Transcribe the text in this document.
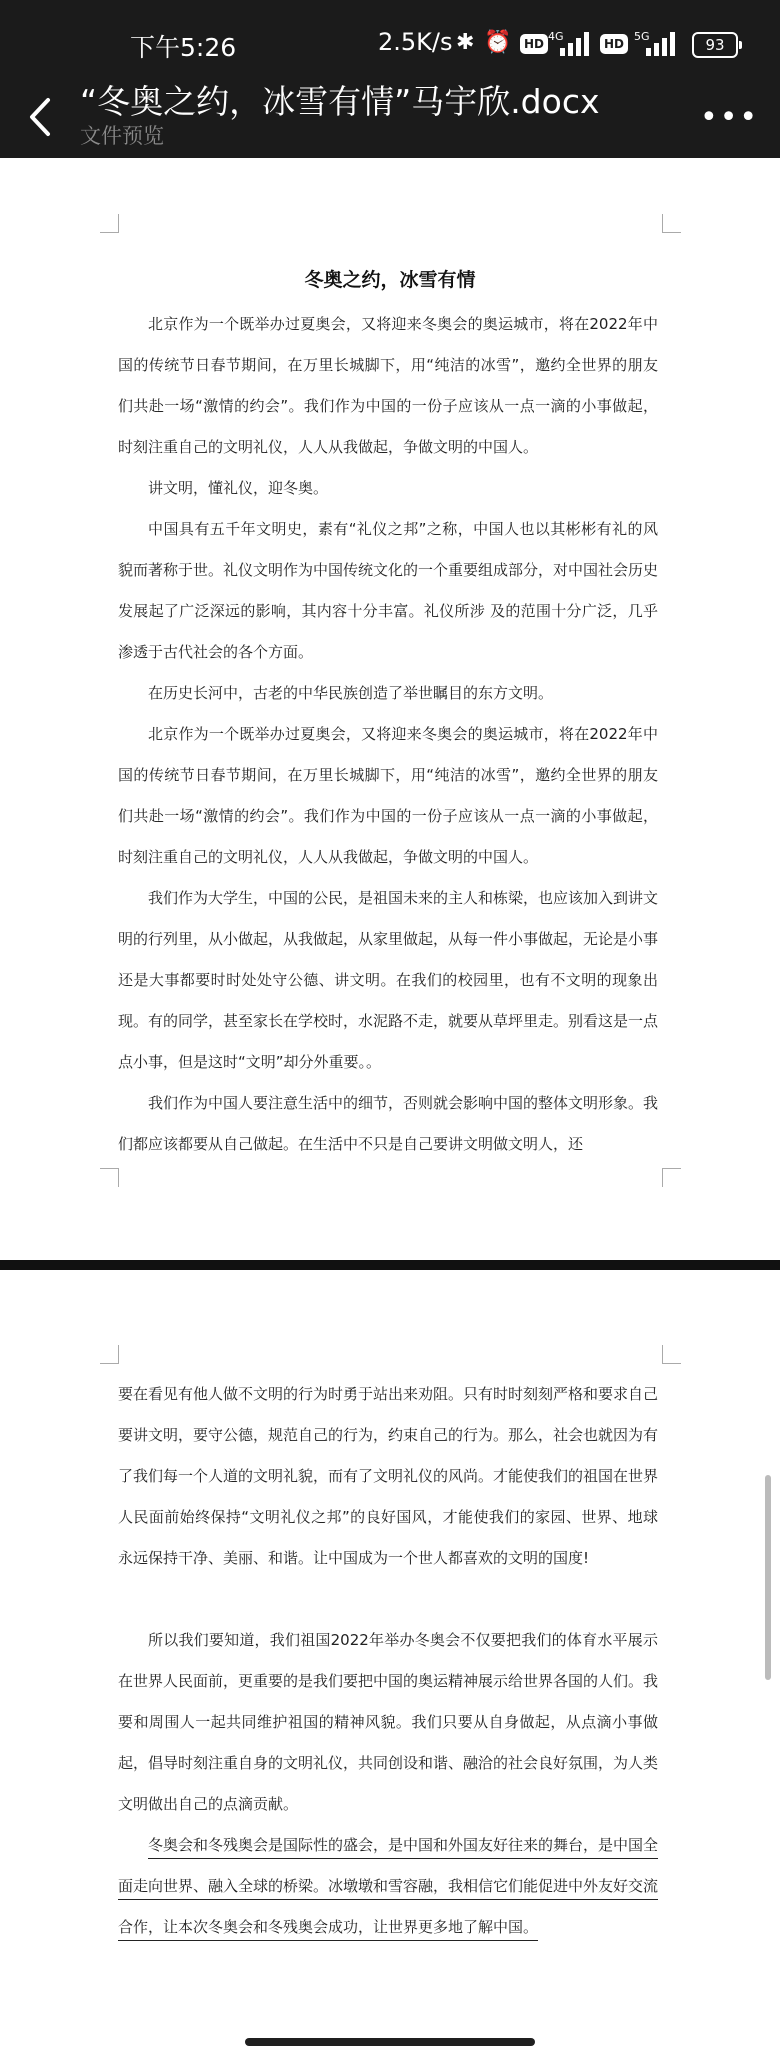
下午5:26	2.5K/s ✱ ⏰	HD
4G
HD
5G	93
“冬奥之约，冰雪有情”马宇欣.docx
文件预览
•••
冬奥之约，冰雪有情

北京作为一个既举办过夏奥会，又将迎来冬奥会的奥运城市，将在2022年中国的传统节日春节期间，在万里长城脚下，用“纯洁的冰雪”，邀约全世界的朋友们共赴一场“激情的约会”。我们作为中国的一份子应该从一点一滴的小事做起，时刻注重自己的文明礼仪，人人从我做起，争做文明的中国人。

讲文明，懂礼仪，迎冬奥。

中国具有五千年文明史，素有“礼仪之邦”之称，中国人也以其彬彬有礼的风貌而著称于世。礼仪文明作为中国传统文化的一个重要组成部分，对中国社会历史发展起了广泛深远的影响，其内容十分丰富。礼仪所涉 及的范围十分广泛，几乎渗透于古代社会的各个方面。

在历史长河中，古老的中华民族创造了举世瞩目的东方文明。

北京作为一个既举办过夏奥会，又将迎来冬奥会的奥运城市，将在2022年中国的传统节日春节期间，在万里长城脚下，用“纯洁的冰雪”，邀约全世界的朋友们共赴一场“激情的约会”。我们作为中国的一份子应该从一点一滴的小事做起，时刻注重自己的文明礼仪，人人从我做起，争做文明的中国人。

我们作为大学生，中国的公民，是祖国未来的主人和栋梁，也应该加入到讲文明的行列里，从小做起，从我做起，从家里做起，从每一件小事做起，无论是小事还是大事都要时时处处守公德、讲文明。在我们的校园里，也有不文明的现象出现。有的同学，甚至家长在学校时，水泥路不走，就要从草坪里走。别看这是一点点小事，但是这时“文明”却分外重要。。

我们作为中国人要注意生活中的细节，否则就会影响中国的整体文明形象。我们都应该都要从自己做起。在生活中不只是自己要讲文明做文明人，还

要在看见有他人做不文明的行为时勇于站出来劝阻。只有时时刻刻严格和要求自己要讲文明，要守公德，规范自己的行为，约束自己的行为。那么，社会也就因为有了我们每一个人道的文明礼貌，而有了文明礼仪的风尚。才能使我们的祖国在世界人民面前始终保持“文明礼仪之邦”的良好国风，才能使我们的家园、世界、地球永远保持干净、美丽、和谐。让中国成为一个世人都喜欢的文明的国度!

所以我们要知道，我们祖国2022年举办冬奥会不仅要把我们的体育水平展示在世界人民面前，更重要的是我们要把中国的奥运精神展示给世界各国的人们。我要和周围人一起共同维护祖国的精神风貌。我们只要从自身做起，从点滴小事做起，倡导时刻注重自身的文明礼仪，共同创设和谐、融洽的社会良好氛围，为人类文明做出自己的点滴贡献。

冬奥会和冬残奥会是国际性的盛会，是中国和外国友好往来的舞台，是中国全面走向世界、融入全球的桥梁。冰墩墩和雪容融，我相信它们能促进中外友好交流合作，让本次冬奥会和冬残奥会成功，让世界更多地了解中国。
